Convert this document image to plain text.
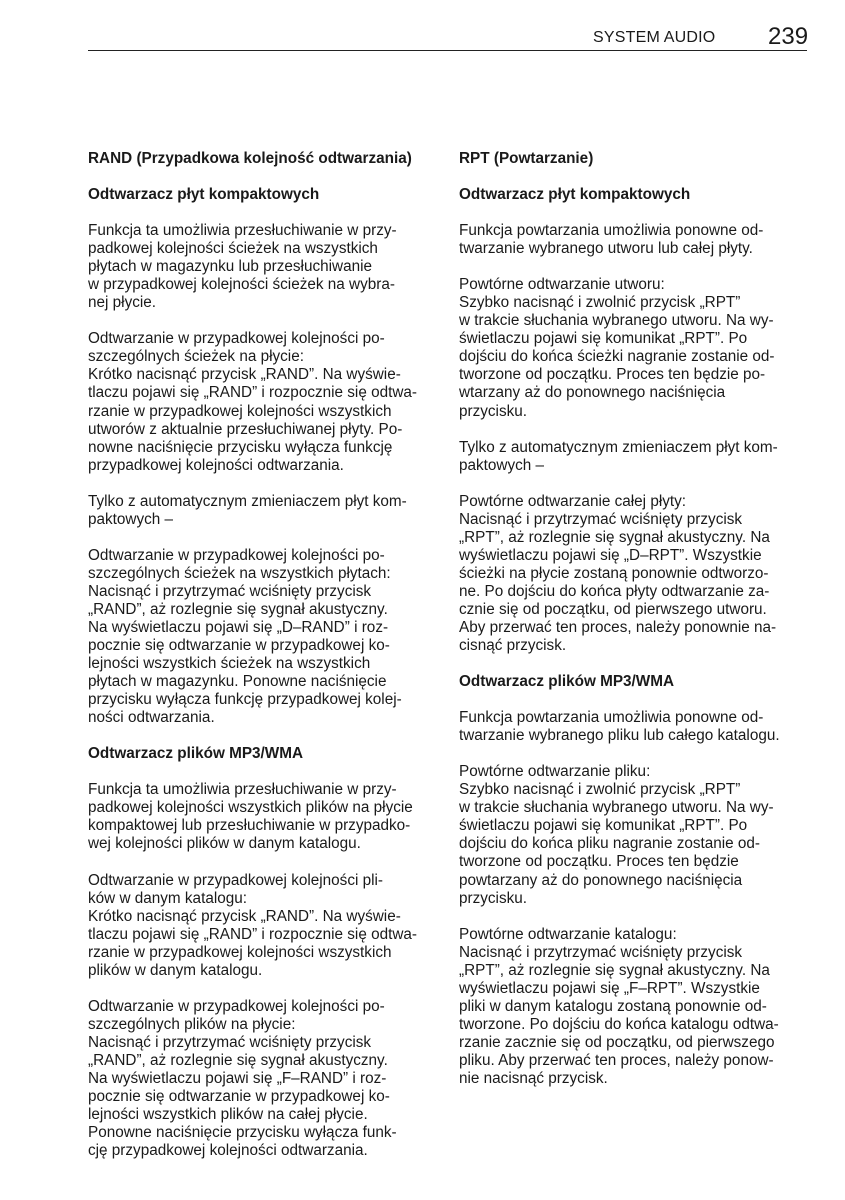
SYSTEM AUDIO 239
RAND (Przypadkowa kolejność odtwarzania)
Odtwarzacz płyt kompaktowych
Funkcja ta umożliwia przesłuchiwanie w przy-
padkowej kolejności ścieżek na wszystkich
płytach w magazynku lub przesłuchiwanie
w przypadkowej kolejności ścieżek na wybra-
nej płycie.
Odtwarzanie w przypadkowej kolejności po-
szczególnych ścieżek na płycie:
Krótko nacisnąć przycisk „RAND”. Na wyświe-
tlaczu pojawi się „RAND” i rozpocznie się odtwa-
rzanie w przypadkowej kolejności wszystkich
utworów z aktualnie przesłuchiwanej płyty. Po-
nowne naciśnięcie przycisku wyłącza funkcję
przypadkowej kolejności odtwarzania.
Tylko z automatycznym zmieniaczem płyt kom-
paktowych –
Odtwarzanie w przypadkowej kolejności po-
szczególnych ścieżek na wszystkich płytach:
Nacisnąć i przytrzymać wciśnięty przycisk
„RAND”, aż rozlegnie się sygnał akustyczny.
Na wyświetlaczu pojawi się „D–RAND” i roz-
pocznie się odtwarzanie w przypadkowej ko-
lejności wszystkich ścieżek na wszystkich
płytach w magazynku. Ponowne naciśnięcie
przycisku wyłącza funkcję przypadkowej kolej-
ności odtwarzania.
Odtwarzacz plików MP3/WMA
Funkcja ta umożliwia przesłuchiwanie w przy-
padkowej kolejności wszystkich plików na płycie
kompaktowej lub przesłuchiwanie w przypadko-
wej kolejności plików w danym katalogu.
Odtwarzanie w przypadkowej kolejności pli-
ków w danym katalogu:
Krótko nacisnąć przycisk „RAND”. Na wyświe-
tlaczu pojawi się „RAND” i rozpocznie się odtwa-
rzanie w przypadkowej kolejności wszystkich
plików w danym katalogu.
Odtwarzanie w przypadkowej kolejności po-
szczególnych plików na płycie:
Nacisnąć i przytrzymać wciśnięty przycisk
„RAND”, aż rozlegnie się sygnał akustyczny.
Na wyświetlaczu pojawi się „F–RAND” i roz-
pocznie się odtwarzanie w przypadkowej ko-
lejności wszystkich plików na całej płycie.
Ponowne naciśnięcie przycisku wyłącza funk-
cję przypadkowej kolejności odtwarzania.
RPT (Powtarzanie)
Odtwarzacz płyt kompaktowych
Funkcja powtarzania umożliwia ponowne od-
twarzanie wybranego utworu lub całej płyty.
Powtórne odtwarzanie utworu:
Szybko nacisnąć i zwolnić przycisk „RPT”
w trakcie słuchania wybranego utworu. Na wy-
świetlaczu pojawi się komunikat „RPT”. Po
dojściu do końca ścieżki nagranie zostanie od-
tworzone od początku. Proces ten będzie po-
wtarzany aż do ponownego naciśnięcia
przycisku.
Tylko z automatycznym zmieniaczem płyt kom-
paktowych –
Powtórne odtwarzanie całej płyty:
Nacisnąć i przytrzymać wciśnięty przycisk
„RPT”, aż rozlegnie się sygnał akustyczny. Na
wyświetlaczu pojawi się „D–RPT”. Wszystkie
ścieżki na płycie zostaną ponownie odtworzo-
ne. Po dojściu do końca płyty odtwarzanie za-
cznie się od początku, od pierwszego utworu.
Aby przerwać ten proces, należy ponownie na-
cisnąć przycisk.
Odtwarzacz plików MP3/WMA
Funkcja powtarzania umożliwia ponowne od-
twarzanie wybranego pliku lub całego katalogu.
Powtórne odtwarzanie pliku:
Szybko nacisnąć i zwolnić przycisk „RPT”
w trakcie słuchania wybranego utworu. Na wy-
świetlaczu pojawi się komunikat „RPT”. Po
dojściu do końca pliku nagranie zostanie od-
tworzone od początku. Proces ten będzie
powtarzany aż do ponownego naciśnięcia
przycisku.
Powtórne odtwarzanie katalogu:
Nacisnąć i przytrzymać wciśnięty przycisk
„RPT”, aż rozlegnie się sygnał akustyczny. Na
wyświetlaczu pojawi się „F–RPT”. Wszystkie
pliki w danym katalogu zostaną ponownie od-
tworzone. Po dojściu do końca katalogu odtwa-
rzanie zacznie się od początku, od pierwszego
pliku. Aby przerwać ten proces, należy ponow-
nie nacisnąć przycisk.
